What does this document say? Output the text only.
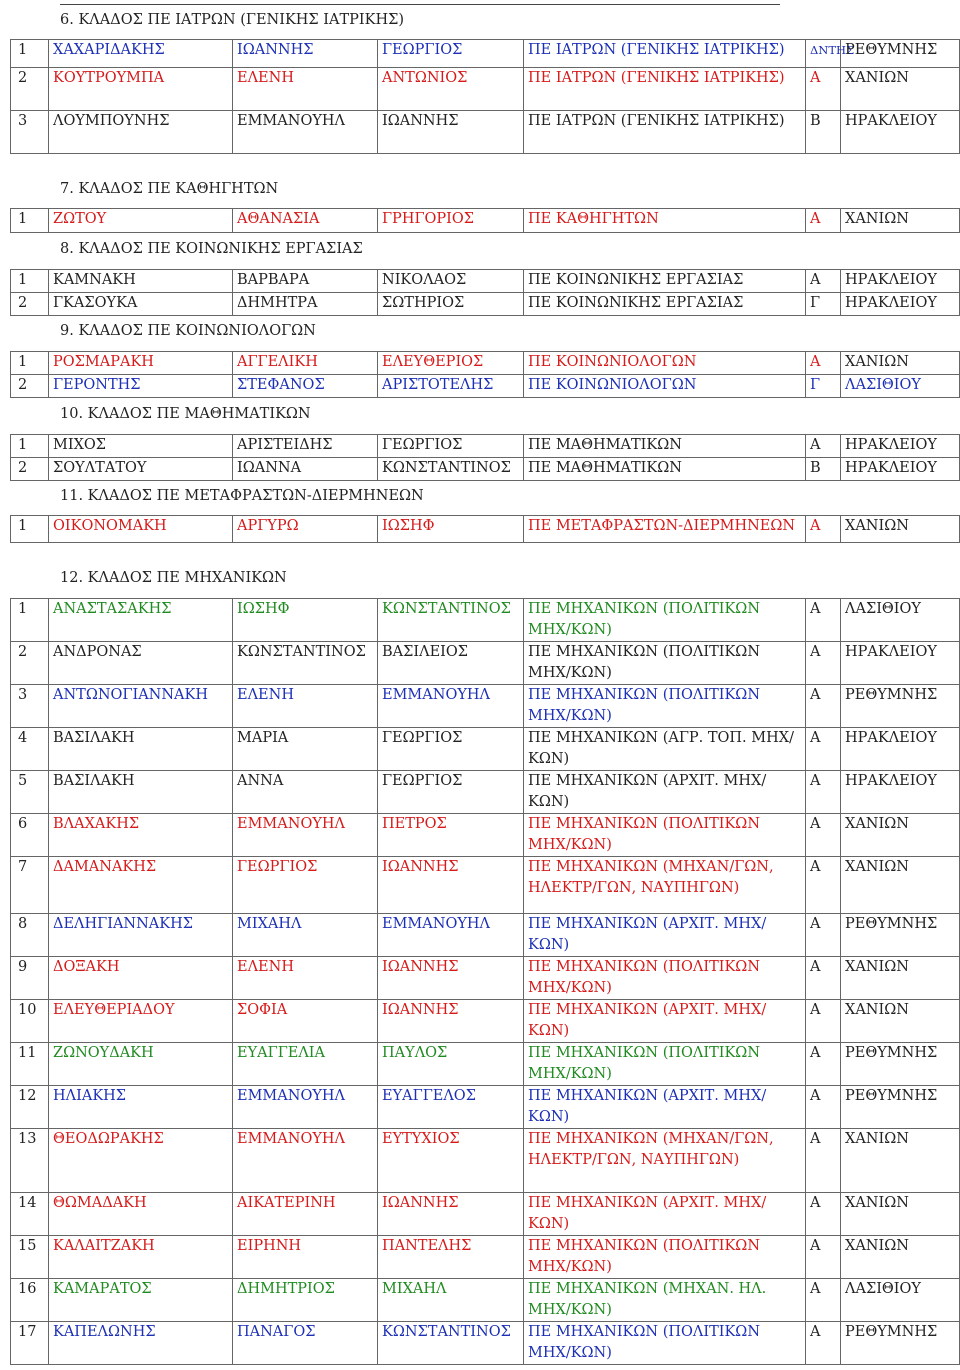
6. ΚΛΑΔΟΣ ΠΕ ΙΑΤΡΩΝ (ΓΕΝΙΚΗΣ ΙΑΤΡΙΚΗΣ)
1	ΧΑΧΑΡΙΔΑΚΗΣ	ΙΩΑΝΝΗΣ	ΓΕΩΡΓΙΟΣ	ΠΕ ΙΑΤΡΩΝ (ΓΕΝΙΚΗΣ ΙΑΤΡΙΚΗΣ)	ΔΝΤΗΣ	ΡΕΘΥΜΝΗΣ
2	ΚΟΥΤΡΟΥΜΠΑ	ΕΛΕΝΗ	ΑΝΤΩΝΙΟΣ	ΠΕ ΙΑΤΡΩΝ (ΓΕΝΙΚΗΣ ΙΑΤΡΙΚΗΣ)	Α	ΧΑΝΙΩΝ
3	ΛΟΥΜΠΟΥΝΗΣ	ΕΜΜΑΝΟΥΗΛ	ΙΩΑΝΝΗΣ	ΠΕ ΙΑΤΡΩΝ (ΓΕΝΙΚΗΣ ΙΑΤΡΙΚΗΣ)	Β	ΗΡΑΚΛΕΙΟΥ
7. ΚΛΑΔΟΣ ΠΕ ΚΑΘΗΓΗΤΩΝ
1	ΖΩΤΟΥ	ΑΘΑΝΑΣΙΑ	ΓΡΗΓΟΡΙΟΣ	ΠΕ ΚΑΘΗΓΗΤΩΝ	Α	ΧΑΝΙΩΝ
8. ΚΛΑΔΟΣ ΠΕ ΚΟΙΝΩΝΙΚΗΣ ΕΡΓΑΣΙΑΣ
1	ΚΑΜΝΑΚΗ	ΒΑΡΒΑΡΑ	ΝΙΚΟΛΑΟΣ	ΠΕ ΚΟΙΝΩΝΙΚΗΣ ΕΡΓΑΣΙΑΣ	Α	ΗΡΑΚΛΕΙΟΥ
2	ΓΚΑΣΟΥΚΑ	ΔΗΜΗΤΡΑ	ΣΩΤΗΡΙΟΣ	ΠΕ ΚΟΙΝΩΝΙΚΗΣ ΕΡΓΑΣΙΑΣ	Γ	ΗΡΑΚΛΕΙΟΥ
9. ΚΛΑΔΟΣ ΠΕ ΚΟΙΝΩΝΙΟΛΟΓΩΝ
1	ΡΟΣΜΑΡΑΚΗ	ΑΓΓΕΛΙΚΗ	ΕΛΕΥΘΕΡΙΟΣ	ΠΕ ΚΟΙΝΩΝΙΟΛΟΓΩΝ	Α	ΧΑΝΙΩΝ
2	ΓΕΡΟΝΤΗΣ	ΣΤΕΦΑΝΟΣ	ΑΡΙΣΤΟΤΕΛΗΣ	ΠΕ ΚΟΙΝΩΝΙΟΛΟΓΩΝ	Γ	ΛΑΣΙΘΙΟΥ
10. ΚΛΑΔΟΣ ΠΕ ΜΑΘΗΜΑΤΙΚΩΝ
1	ΜΙΧΟΣ	ΑΡΙΣΤΕΙΔΗΣ	ΓΕΩΡΓΙΟΣ	ΠΕ ΜΑΘΗΜΑΤΙΚΩΝ	Α	ΗΡΑΚΛΕΙΟΥ
2	ΣΟΥΛΤΑΤΟΥ	ΙΩΑΝΝΑ	ΚΩΝΣΤΑΝΤΙΝΟΣ	ΠΕ ΜΑΘΗΜΑΤΙΚΩΝ	Β	ΗΡΑΚΛΕΙΟΥ
11. ΚΛΑΔΟΣ ΠΕ ΜΕΤΑΦΡΑΣΤΩΝ-ΔΙΕΡΜΗΝΕΩΝ
1	ΟΙΚΟΝΟΜΑΚΗ	ΑΡΓΥΡΩ	ΙΩΣΗΦ	ΠΕ ΜΕΤΑΦΡΑΣΤΩΝ-ΔΙΕΡΜΗΝΕΩΝ	Α	ΧΑΝΙΩΝ
12. ΚΛΑΔΟΣ ΠΕ ΜΗΧΑΝΙΚΩΝ
1	ΑΝΑΣΤΑΣΑΚΗΣ	ΙΩΣΗΦ	ΚΩΝΣΤΑΝΤΙΝΟΣ	ΠΕ ΜΗΧΑΝΙΚΩΝ (ΠΟΛΙΤΙΚΩΝ ΜΗΧ/ΚΩΝ)	Α	ΛΑΣΙΘΙΟΥ
2	ΑΝΔΡΟΝΑΣ	ΚΩΝΣΤΑΝΤΙΝΟΣ	ΒΑΣΙΛΕΙΟΣ	ΠΕ ΜΗΧΑΝΙΚΩΝ (ΠΟΛΙΤΙΚΩΝ ΜΗΧ/ΚΩΝ)	Α	ΗΡΑΚΛΕΙΟΥ
3	ΑΝΤΩΝΟΓΙΑΝΝΑΚΗ	ΕΛΕΝΗ	ΕΜΜΑΝΟΥΗΛ	ΠΕ ΜΗΧΑΝΙΚΩΝ (ΠΟΛΙΤΙΚΩΝ ΜΗΧ/ΚΩΝ)	Α	ΡΕΘΥΜΝΗΣ
4	ΒΑΣΙΛΑΚΗ	ΜΑΡΙΑ	ΓΕΩΡΓΙΟΣ	ΠΕ ΜΗΧΑΝΙΚΩΝ (ΑΓΡ. ΤΟΠ. ΜΗΧ/ΚΩΝ)	Α	ΗΡΑΚΛΕΙΟΥ
5	ΒΑΣΙΛΑΚΗ	ΑΝΝΑ	ΓΕΩΡΓΙΟΣ	ΠΕ ΜΗΧΑΝΙΚΩΝ (ΑΡΧΙΤ. ΜΗΧ/ΚΩΝ)	Α	ΗΡΑΚΛΕΙΟΥ
6	ΒΛΑΧΑΚΗΣ	ΕΜΜΑΝΟΥΗΛ	ΠΕΤΡΟΣ	ΠΕ ΜΗΧΑΝΙΚΩΝ (ΠΟΛΙΤΙΚΩΝ ΜΗΧ/ΚΩΝ)	Α	ΧΑΝΙΩΝ
7	ΔΑΜΑΝΑΚΗΣ	ΓΕΩΡΓΙΟΣ	ΙΩΑΝΝΗΣ	ΠΕ ΜΗΧΑΝΙΚΩΝ (ΜΗΧΑΝ/ΓΩΝ, ΗΛΕΚΤΡ/ΓΩΝ, ΝΑΥΠΗΓΩΝ)	Α	ΧΑΝΙΩΝ
8	ΔΕΛΗΓΙΑΝΝΑΚΗΣ	ΜΙΧΑΗΛ	ΕΜΜΑΝΟΥΗΛ	ΠΕ ΜΗΧΑΝΙΚΩΝ (ΑΡΧΙΤ. ΜΗΧ/ΚΩΝ)	Α	ΡΕΘΥΜΝΗΣ
9	ΔΟΞΑΚΗ	ΕΛΕΝΗ	ΙΩΑΝΝΗΣ	ΠΕ ΜΗΧΑΝΙΚΩΝ (ΠΟΛΙΤΙΚΩΝ ΜΗΧ/ΚΩΝ)	Α	ΧΑΝΙΩΝ
10	ΕΛΕΥΘΕΡΙΑΔΟΥ	ΣΟΦΙΑ	ΙΩΑΝΝΗΣ	ΠΕ ΜΗΧΑΝΙΚΩΝ (ΑΡΧΙΤ. ΜΗΧ/ΚΩΝ)	Α	ΧΑΝΙΩΝ
11	ΖΩΝΟΥΔΑΚΗ	ΕΥΑΓΓΕΛΙΑ	ΠΑΥΛΟΣ	ΠΕ ΜΗΧΑΝΙΚΩΝ (ΠΟΛΙΤΙΚΩΝ ΜΗΧ/ΚΩΝ)	Α	ΡΕΘΥΜΝΗΣ
12	ΗΛΙΑΚΗΣ	ΕΜΜΑΝΟΥΗΛ	ΕΥΑΓΓΕΛΟΣ	ΠΕ ΜΗΧΑΝΙΚΩΝ (ΑΡΧΙΤ. ΜΗΧ/ΚΩΝ)	Α	ΡΕΘΥΜΝΗΣ
13	ΘΕΟΔΩΡΑΚΗΣ	ΕΜΜΑΝΟΥΗΛ	ΕΥΤΥΧΙΟΣ	ΠΕ ΜΗΧΑΝΙΚΩΝ (ΜΗΧΑΝ/ΓΩΝ, ΗΛΕΚΤΡ/ΓΩΝ, ΝΑΥΠΗΓΩΝ)	Α	ΧΑΝΙΩΝ
14	ΘΩΜΑΔΑΚΗ	ΑΙΚΑΤΕΡΙΝΗ	ΙΩΑΝΝΗΣ	ΠΕ ΜΗΧΑΝΙΚΩΝ (ΑΡΧΙΤ. ΜΗΧ/ΚΩΝ)	Α	ΧΑΝΙΩΝ
15	ΚΑΛΑΙΤΖΑΚΗ	ΕΙΡΗΝΗ	ΠΑΝΤΕΛΗΣ	ΠΕ ΜΗΧΑΝΙΚΩΝ (ΠΟΛΙΤΙΚΩΝ ΜΗΧ/ΚΩΝ)	Α	ΧΑΝΙΩΝ
16	ΚΑΜΑΡΑΤΟΣ	ΔΗΜΗΤΡΙΟΣ	ΜΙΧΑΗΛ	ΠΕ ΜΗΧΑΝΙΚΩΝ (ΜΗΧΑΝ. ΗΛ. ΜΗΧ/ΚΩΝ)	Α	ΛΑΣΙΘΙΟΥ
17	ΚΑΠΕΛΩΝΗΣ	ΠΑΝΑΓΟΣ	ΚΩΝΣΤΑΝΤΙΝΟΣ	ΠΕ ΜΗΧΑΝΙΚΩΝ (ΠΟΛΙΤΙΚΩΝ ΜΗΧ/ΚΩΝ)	Α	ΡΕΘΥΜΝΗΣ
